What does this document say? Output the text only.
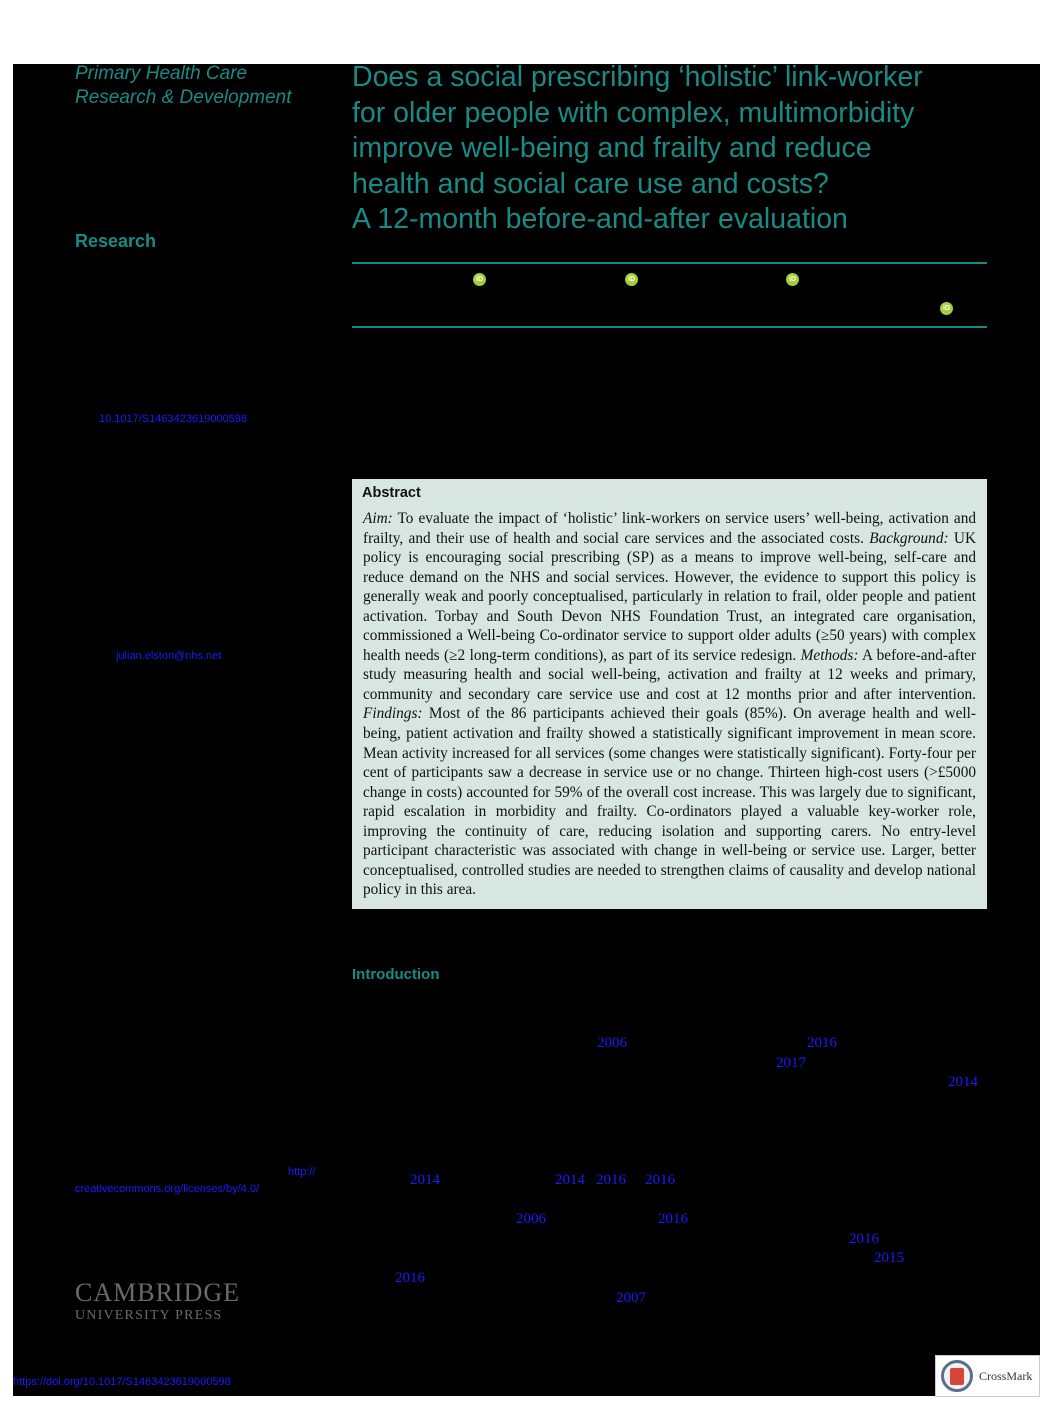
Primary Health Care
Research & Development
Research
Does a social prescribing ‘holistic’ link-worker
for older people with complex, multimorbidity
improve well-being and frailty and reduce
health and social care use and costs?
A 12-month before-and-after evaluation
iD	iD	iD
iD
10.1017/S1463423619000598
julian.elston@nhs.net
http://
creativecommons.org/licenses/by/4.0/
Abstract

Aim: To evaluate the impact of ‘holistic’ link-workers on service users’ well-being, activation and frailty, and their use of health and social care services and the associated costs. Background: UK policy is encouraging social prescribing (SP) as a means to improve well-being, self-care and reduce demand on the NHS and social services. However, the evidence to support this policy is generally weak and poorly conceptualised, particularly in relation to frail, older people and patient activation. Torbay and South Devon NHS Foundation Trust, an integrated care organisation, commissioned a Well-being Co-ordinator service to support older adults (≥50 years) with complex health needs (≥2 long-term conditions), as part of its service redesign. Methods: A before-and-after study measuring health and social well-being, activation and frailty at 12 weeks and primary, community and secondary care service use and cost at 12 months prior and after intervention. Findings: Most of the 86 participants achieved their goals (85%). On average health and well-being, patient activation and frailty showed a statistically significant improvement in mean score. Mean activity increased for all services (some changes were statistically significant). Forty-four per cent of participants saw a decrease in service use or no change. Thirteen high-cost users (>£5000 change in costs) accounted for 59% of the overall cost increase. This was largely due to significant, rapid escalation in morbidity and frailty. Co-ordinators played a valuable key-worker role, improving the continuity of care, reducing isolation and supporting carers. No entry-level participant characteristic was associated with change in well-being or service use. Larger, better conceptualised, controlled studies are needed to strengthen claims of causality and develop national policy in this area.

Introduction
2006	2016
2017
2014
2014	2014 2016 2016
2006	2016
2016
2015
2016
2007
CAMBRIDGE
UNIVERSITY PRESS
https://doi.org/10.1017/S1463423619000598	CrossMark
